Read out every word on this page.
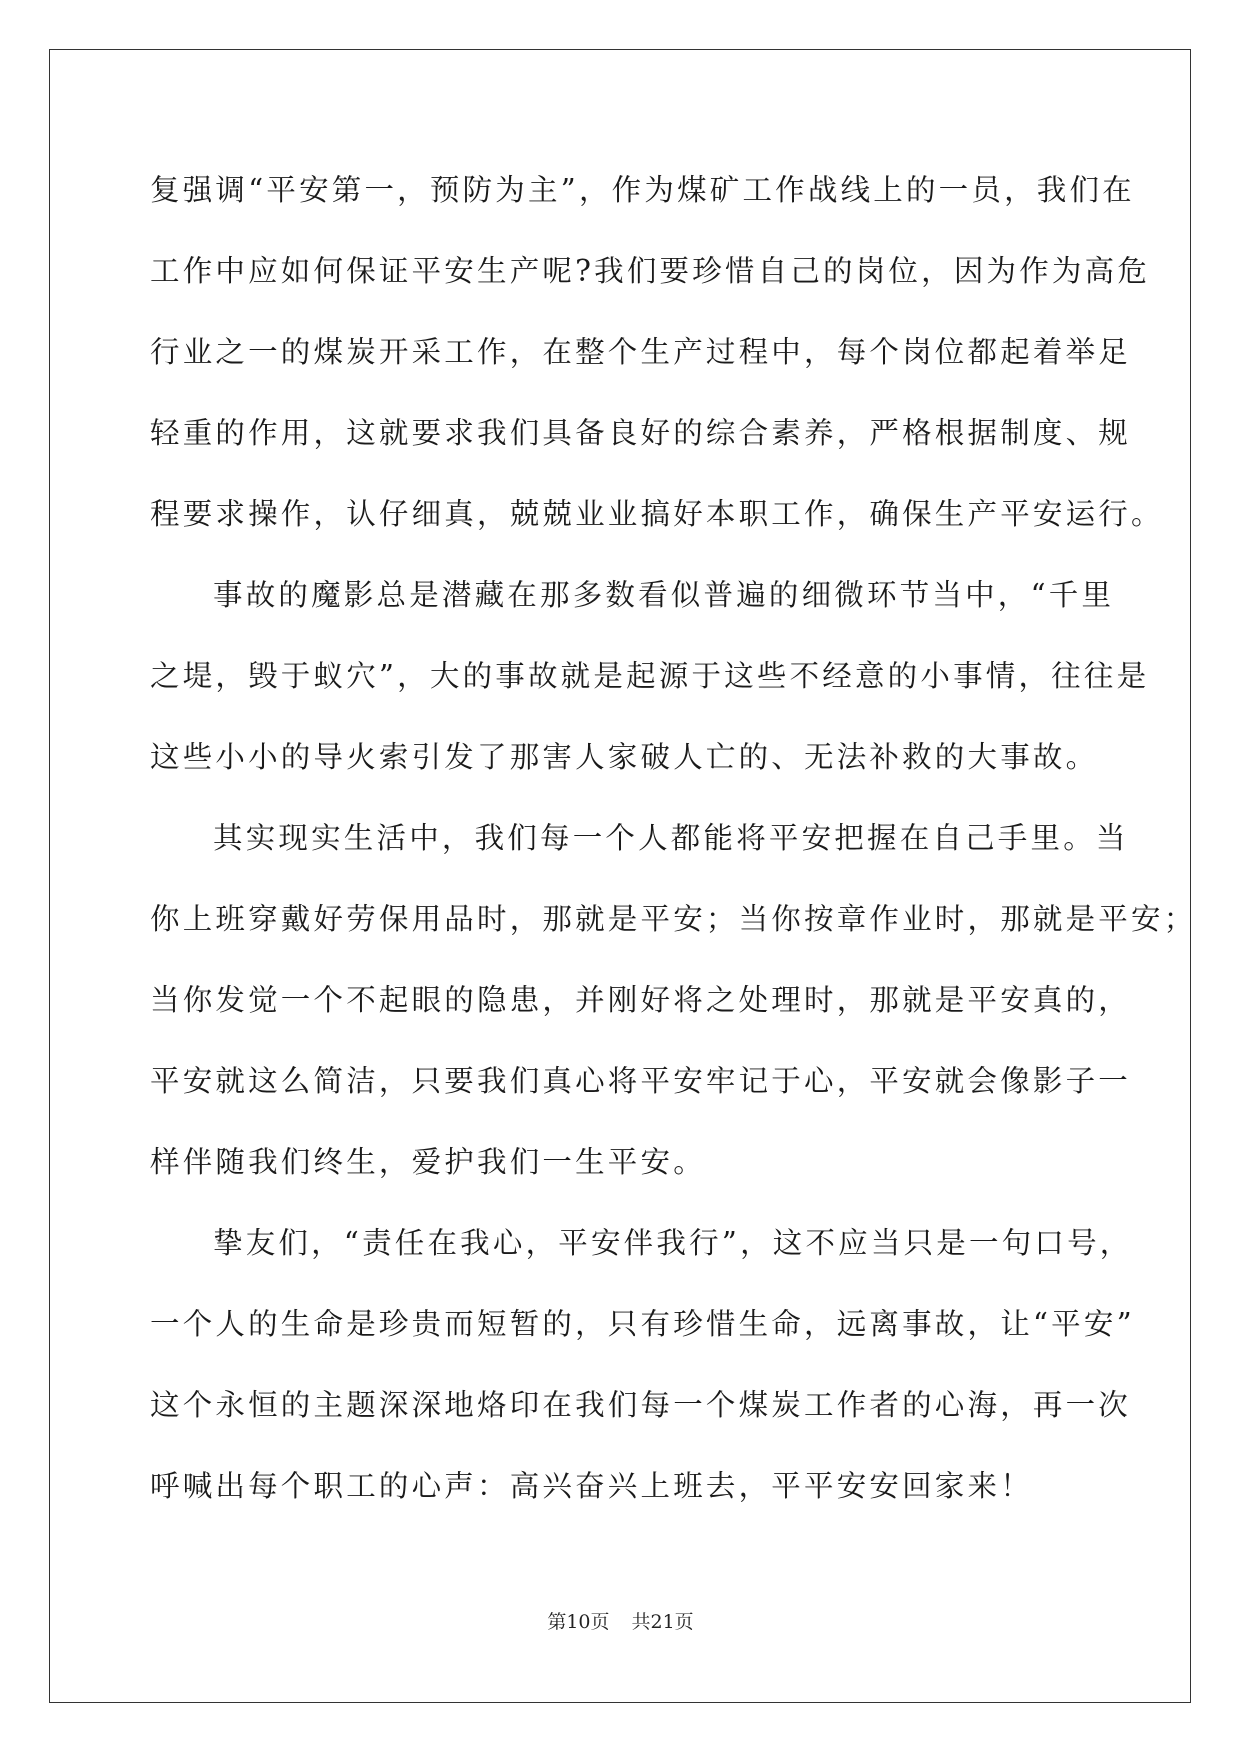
复强调“平安第一，预防为主”，作为煤矿工作战线上的一员，我们在
工作中应如何保证平安生产呢?我们要珍惜自己的岗位，因为作为高危
行业之一的煤炭开采工作，在整个生产过程中，每个岗位都起着举足
轻重的作用，这就要求我们具备良好的综合素养，严格根据制度、规
程要求操作，认仔细真，兢兢业业搞好本职工作，确保生产平安运行。
事故的魔影总是潜藏在那多数看似普遍的细微环节当中，“千里
之堤，毁于蚁穴”，大的事故就是起源于这些不经意的小事情，往往是
这些小小的导火索引发了那害人家破人亡的、无法补救的大事故。
其实现实生活中，我们每一个人都能将平安把握在自己手里。当
你上班穿戴好劳保用品时，那就是平安；当你按章作业时，那就是平安；
当你发觉一个不起眼的隐患，并刚好将之处理时，那就是平安真的，
平安就这么简洁，只要我们真心将平安牢记于心，平安就会像影子一
样伴随我们终生，爱护我们一生平安。
挚友们，“责任在我心，平安伴我行”，这不应当只是一句口号，
一个人的生命是珍贵而短暂的，只有珍惜生命，远离事故，让“平安”
这个永恒的主题深深地烙印在我们每一个煤炭工作者的心海，再一次
呼喊出每个职工的心声：高兴奋兴上班去，平平安安回家来！
第10页 共21页
